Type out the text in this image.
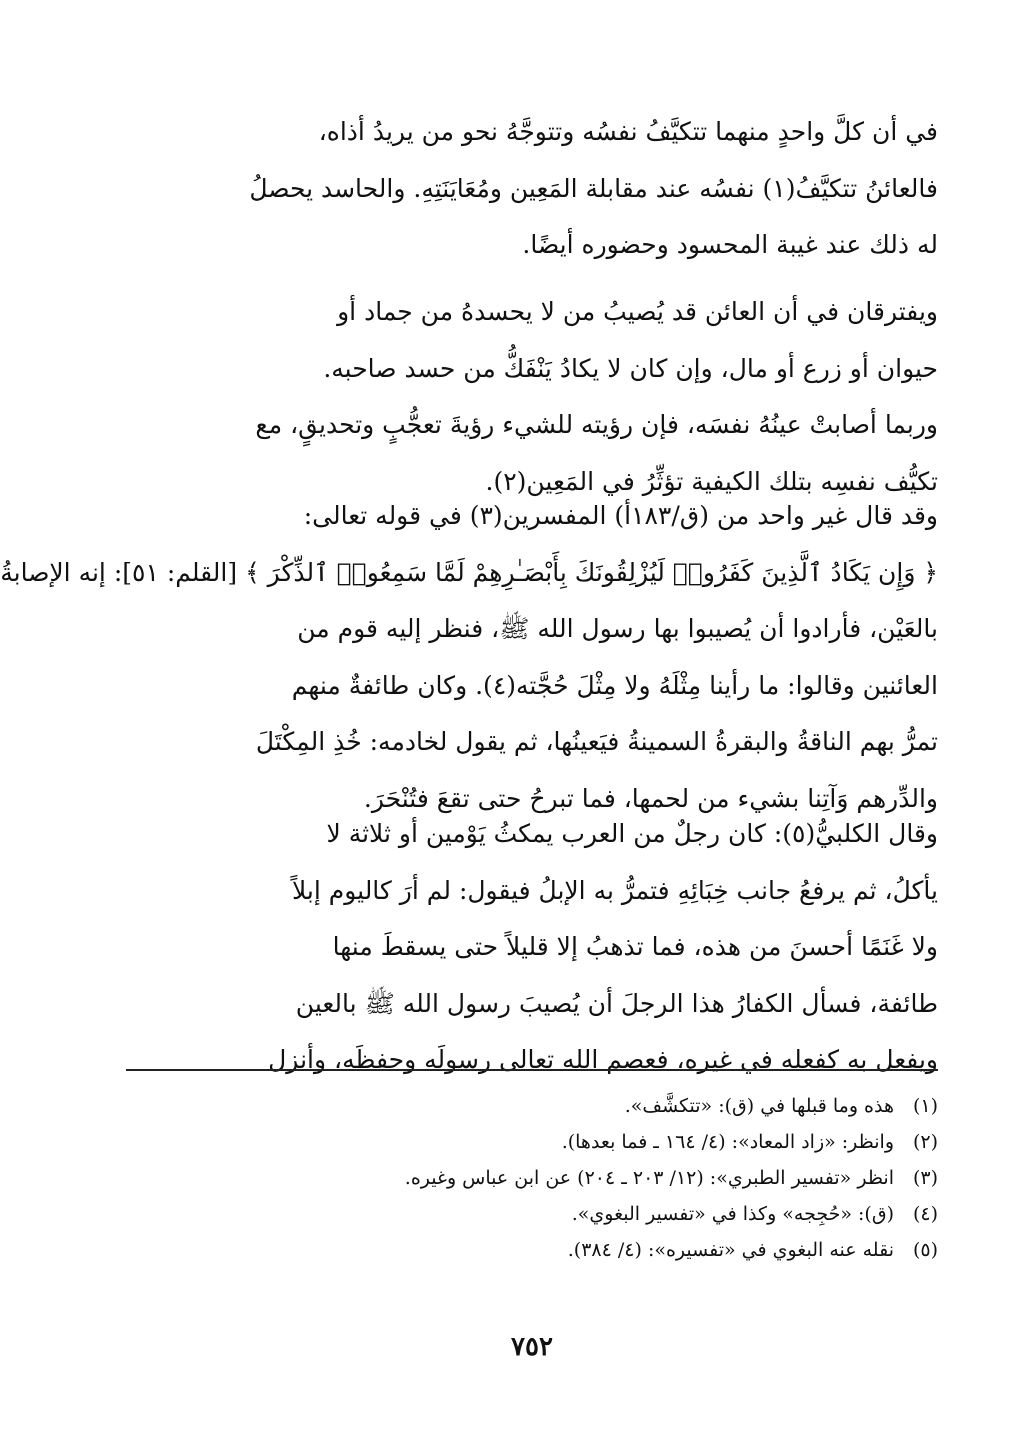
في أن كلَّ واحدٍ منهما تتكيَّفُ نفسُه وتتوجَّهُ نحو من يريدُ أذاه،
فالعائنُ تتكيَّفُ(١) نفسُه عند مقابلة المَعِين ومُعَايَنَتِهِ. والحاسد يحصلُ
له ذلك عند غيبة المحسود وحضوره أيضًا.
ويفترقان في أن العائن قد يُصيبُ من لا يحسدهُ من جماد أو
حيوان أو زرع أو مال، وإن كان لا يكادُ يَنْفَكُّ من حسد صاحبه.
وربما أصابتْ عينُهُ نفسَه، فإن رؤيته للشيء رؤيةَ تعجُّبٍ وتحديقٍ، مع
تكيُّف نفسِه بتلك الكيفية تؤثِّرُ في المَعِين(٢).
وقد قال غير واحد من (ق/١٨٣أ) المفسرين(٣) في قوله تعالى:
﴿ وَإِن يَكَادُ ٱلَّذِينَ كَفَرُوا۟ لَيُزْلِقُونَكَ بِأَبْصَـٰرِهِمْ لَمَّا سَمِعُوا۟ ٱلذِّكْرَ ﴾ [القلم: ٥١]: إنه الإصابةُ
بالعَيْن، فأرادوا أن يُصيبوا بها رسول الله ﷺ، فنظر إليه قوم من
العائنين وقالوا: ما رأينا مِثْلَهُ ولا مِثْلَ حُجَّته(٤). وكان طائفةٌ منهم
تمرُّ بهم الناقةُ والبقرةُ السمينةُ فيَعينُها، ثم يقول لخادمه: خُذِ المِكْتَلَ
والدِّرهم وَآتِنا بشيء من لحمها، فما تبرحُ حتى تقعَ فتُنْحَرَ.
وقال الكلبيُّ(٥): كان رجلٌ من العرب يمكثُ يَوْمين أو ثلاثة لا
يأكلُ، ثم يرفعُ جانب خِبَائِهِ فتمرُّ به الإبلُ فيقول: لم أرَ كاليوم إبلاً
ولا غَنَمًا أحسنَ من هذه، فما تذهبُ إلا قليلاً حتى يسقطَ منها
طائفة، فسأل الكفارُ هذا الرجلَ أن يُصيبَ رسول الله ﷺ بالعين
ويفعل به كفعله في غيره، فعصم الله تعالى رسولَه وحفظَه، وأنزل
(١)
هذه وما قبلها في (ق): «تتكشَّف».
(٢)
وانظر: «زاد المعاد»: (٤/ ١٦٤ ـ فما بعدها).
(٣)
انظر «تفسير الطبري»: (١٢/ ٢٠٣ ـ ٢٠٤) عن ابن عباس وغيره.
(٤)
(ق): «حُجِجه» وكذا في «تفسير البغوي».
(٥)
نقله عنه البغوي في «تفسيره»: (٤/ ٣٨٤).
٧٥٢
